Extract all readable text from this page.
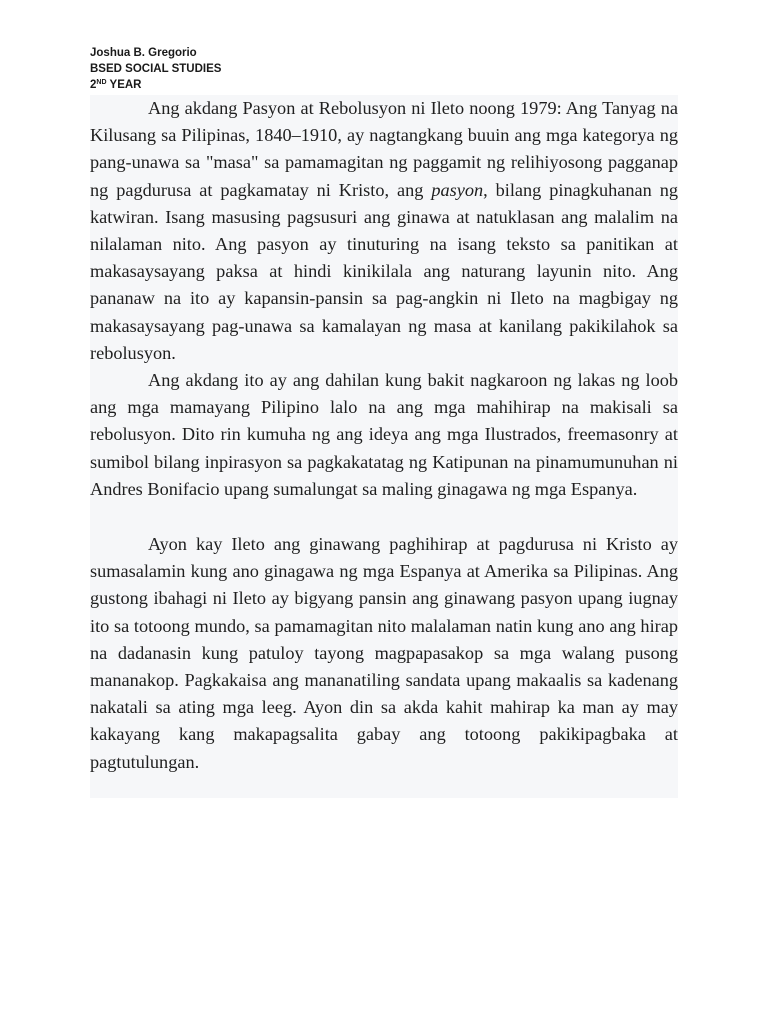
Joshua B. Gregorio
BSED SOCIAL STUDIES
2ND YEAR

Ang akdang Pasyon at Rebolusyon ni Ileto noong 1979: Ang Tanyag na Kilusang sa Pilipinas, 1840–1910, ay nagtangkang buuin ang mga kategorya ng pang-unawa sa "masa" sa pamamagitan ng paggamit ng relihiyosong pagganap ng pagdurusa at pagkamatay ni Kristo, ang pasyon, bilang pinagkuhanan ng katwiran. Isang masusing pagsusuri ang ginawa at natuklasan ang malalim na nilalaman nito. Ang pasyon ay tinuturing na isang teksto sa panitikan at makasaysayang paksa at hindi kinikilala ang naturang layunin nito. Ang pananaw na ito ay kapansin-pansin sa pag-angkin ni Ileto na magbigay ng makasaysayang pag-unawa sa kamalayan ng masa at kanilang pakikilahok sa rebolusyon.

Ang akdang ito ay ang dahilan kung bakit nagkaroon ng lakas ng loob ang mga mamayang Pilipino lalo na ang mga mahihirap na makisali sa rebolusyon. Dito rin kumuha ng ang ideya ang mga Ilustrados, freemasonry at sumibol bilang inpirasyon sa pagkakatatag ng Katipunan na pinamumunuhan ni Andres Bonifacio upang sumalungat sa maling ginagawa ng mga Espanya.

Ayon kay Ileto ang ginawang paghihirap at pagdurusa ni Kristo ay sumasalamin kung ano ginagawa ng mga Espanya at Amerika sa Pilipinas. Ang gustong ibahagi ni Ileto ay bigyang pansin ang ginawang pasyon upang iugnay ito sa totoong mundo, sa pamamagitan nito malalaman natin kung ano ang hirap na dadanasin kung patuloy tayong magpapasakop sa mga walang pusong mananakop. Pagkakaisa ang mananatiling sandata upang makaalis sa kadenang nakatali sa ating mga leeg. Ayon din sa akda kahit mahirap ka man ay may kakayang kang makapagsalita gabay ang totoong pakikipagbaka at pagtutulungan.
